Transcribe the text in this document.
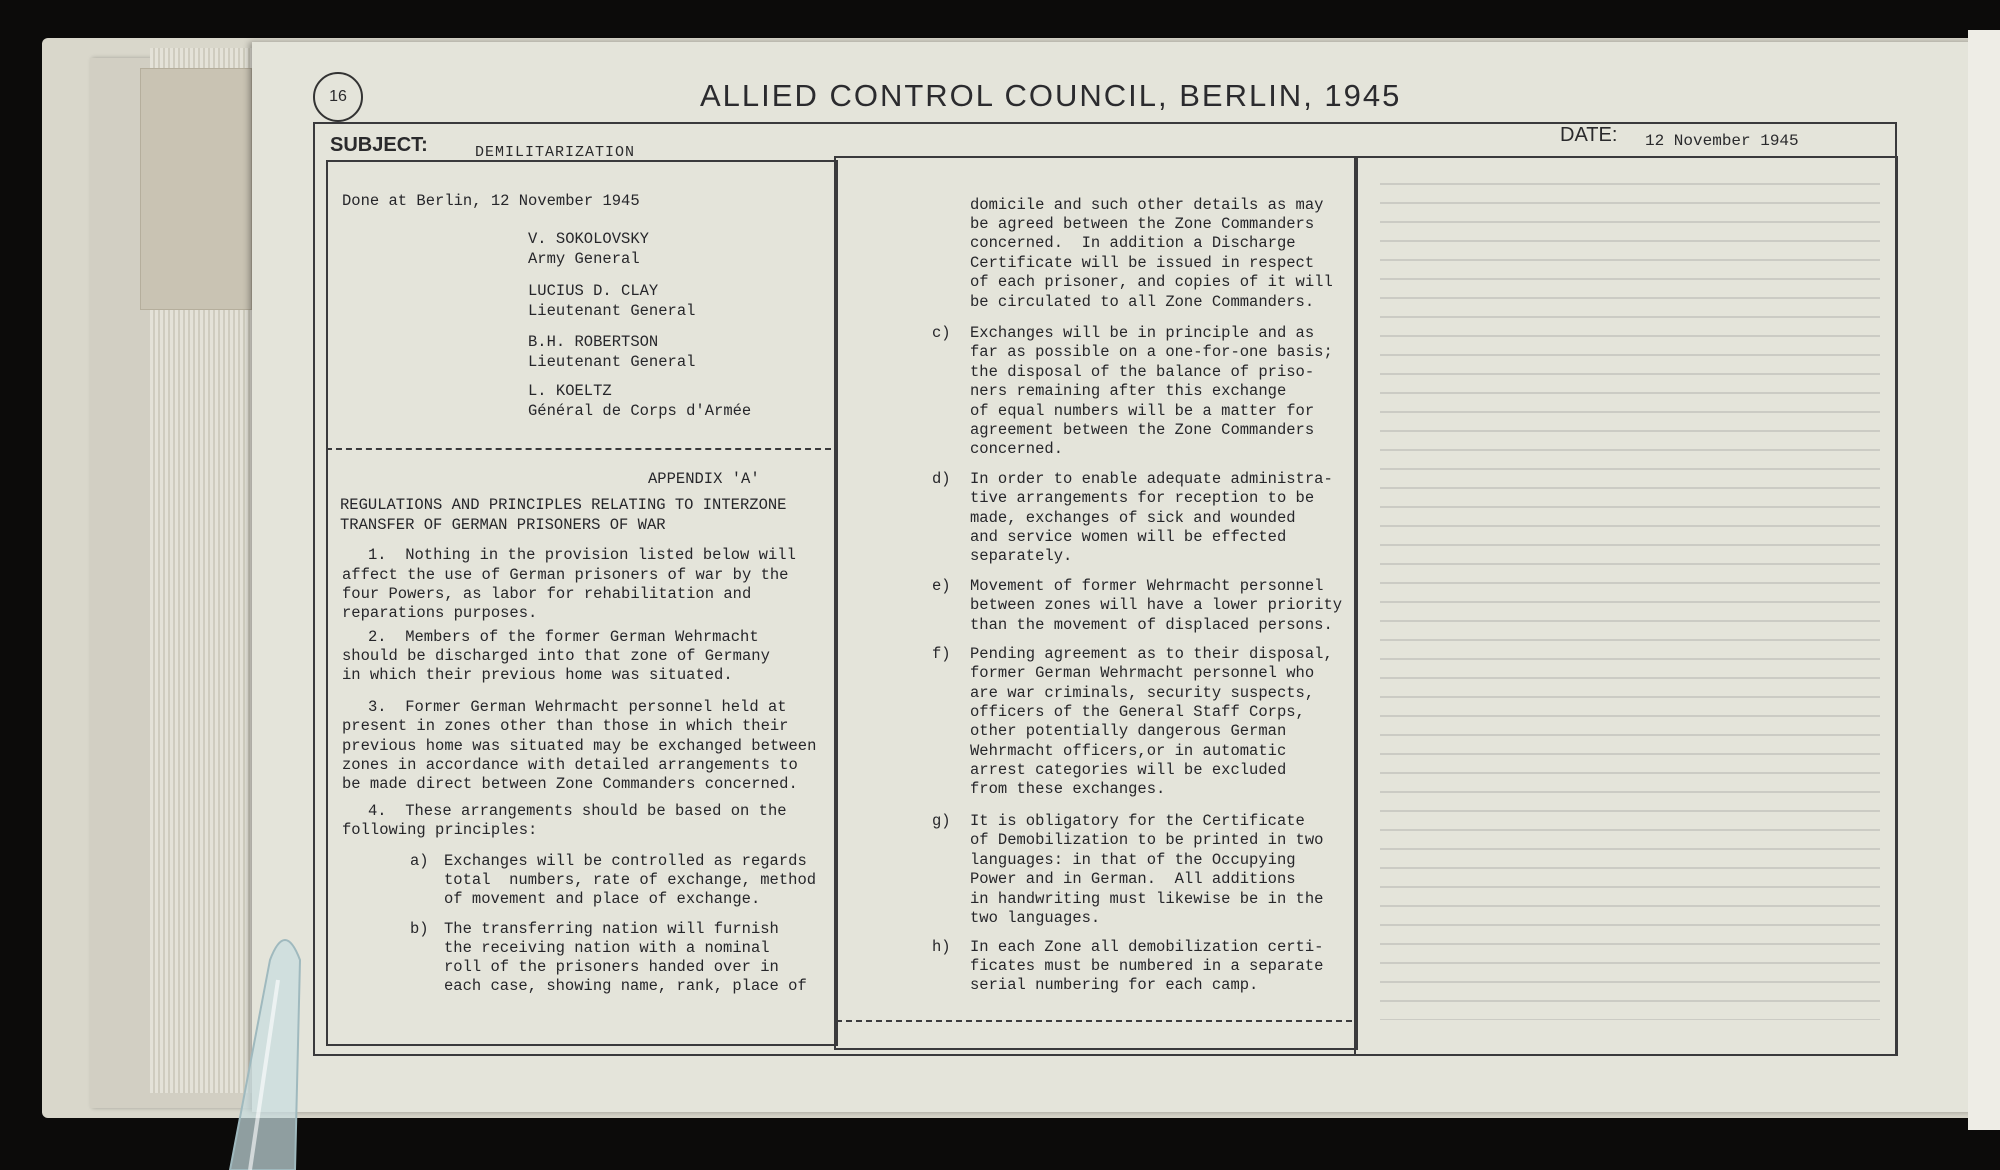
16	ALLIED CONTROL COUNCIL, BERLIN, 1945
SUBJECT:	DEMILITARIZATION
DATE: 12 November 1945
Done at Berlin, 12 November 1945
V. SOKOLOVSKY
Army General
LUCIUS D. CLAY
Lieutenant General
B.H. ROBERTSON
Lieutenant General
L. KOELTZ
Général de Corps d'Armée
APPENDIX 'A'
REGULATIONS AND PRINCIPLES RELATING TO INTERZONE
TRANSFER OF GERMAN PRISONERS OF WAR
1.  Nothing in the provision listed below will
affect the use of German prisoners of war by the
four Powers, as labor for rehabilitation and
reparations purposes.
2.  Members of the former German Wehrmacht
should be discharged into that zone of Germany
in which their previous home was situated.
3.  Former German Wehrmacht personnel held at
present in zones other than those in which their
previous home was situated may be exchanged between
zones in accordance with detailed arrangements to
be made direct between Zone Commanders concerned.
4.  These arrangements should be based on the
following principles:
a) Exchanges will be controlled as regards
total  numbers, rate of exchange, method
of movement and place of exchange.
b) The transferring nation will furnish
the receiving nation with a nominal
roll of the prisoners handed over in
each case, showing name, rank, place of
domicile and such other details as may
be agreed between the Zone Commanders
concerned.  In addition a Discharge
Certificate will be issued in respect
of each prisoner, and copies of it will
be circulated to all Zone Commanders.
c) Exchanges will be in principle and as
far as possible on a one-for-one basis;
the disposal of the balance of priso-
ners remaining after this exchange
of equal numbers will be a matter for
agreement between the Zone Commanders
concerned.
d) In order to enable adequate administra-
tive arrangements for reception to be
made, exchanges of sick and wounded
and service women will be effected
separately.
e) Movement of former Wehrmacht personnel
between zones will have a lower priority
than the movement of displaced persons.
f) Pending agreement as to their disposal,
former German Wehrmacht personnel who
are war criminals, security suspects,
officers of the General Staff Corps,
other potentially dangerous German
Wehrmacht officers,or in automatic
arrest categories will be excluded
from these exchanges.
g) It is obligatory for the Certificate
of Demobilization to be printed in two
languages: in that of the Occupying
Power and in German.  All additions
in handwriting must likewise be in the
two languages.
h) In each Zone all demobilization certi-
ficates must be numbered in a separate
serial numbering for each camp.
